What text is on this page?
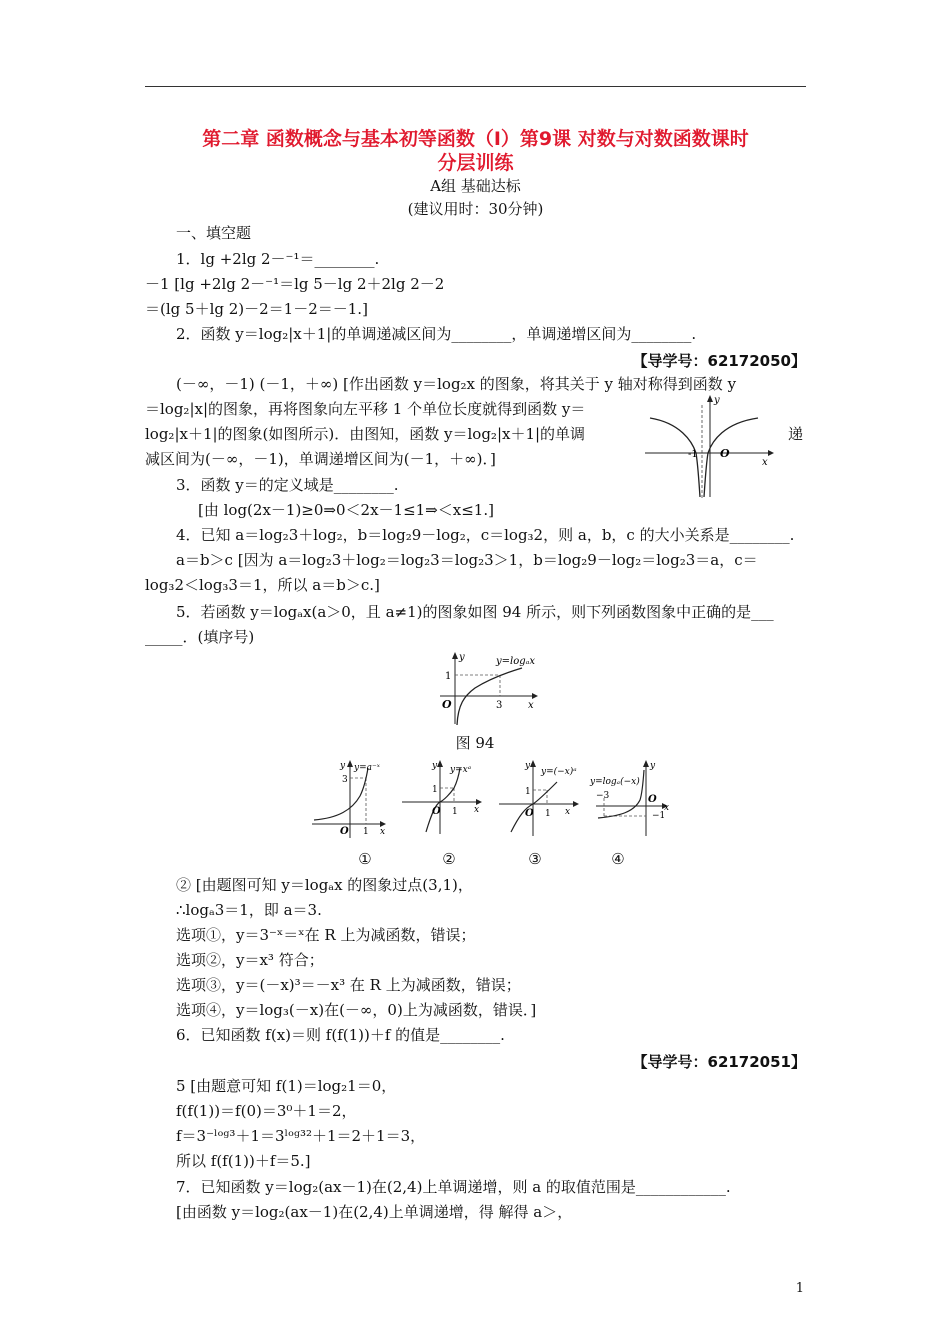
第二章 函数概念与基本初等函数（Ⅰ）第9课 对数与对数函数课时
分层训练
A组 基础达标
(建议用时：30分钟)
一、填空题
1．lg +2lg 2－⁻¹＝________.
－1 [lg +2lg 2－⁻¹＝lg 5－lg 2＋2lg 2－2
＝(lg 5＋lg 2)－2＝1－2＝－1.]
2．函数 y＝log₂|x＋1|的单调递减区间为________，单调递增区间为________.
【导学号：62172050】
(－∞，－1) (－1，＋∞) [作出函数 y＝log₂x 的图象，将其关于 y 轴对称得到函数 y
＝log₂|x|的图象，再将图象向左平移 1 个单位长度就得到函数 y＝
log₂|x＋1|的图象(如图所示)．由图知，函数 y＝log₂|x＋1|的单调	递
减区间为(－∞，－1)，单调递增区间为(－1，＋∞)．]
y
x
O
-1
3．函数 y＝的定义域是________.
[由 log(2x－1)≥0⇒0＜2x－1≤1⇒＜x≤1.]
4．已知 a＝log₂3＋log₂，b＝log₂9－log₂，c＝log₃2，则 a，b，c 的大小关系是________.
a＝b＞c [因为 a＝log₂3＋log₂＝log₂3＝log₂3＞1，b＝log₂9－log₂＝log₂3＝a，c＝
log₃2＜log₃3＝1，所以 a＝b＞c.]
5．若函数 y＝logₐx(a＞0，且 a≠1)的图象如图 94 所示，则下列函数图象中正确的是___
_____．(填序号)
y
x
O
1
3
y=logₐx
图 94
y y=a⁻ˣ
3
1
O	x
y y=xᵃ
1
1
O	x
y
y=(−x)ᵃ
1
1
O	x
y
y=logₐ(−x)
−3
−1
O
x
①	②	③	④
② [由题图可知 y＝logₐx 的图象过点(3,1)，
∴logₐ3＝1，即 a＝3.
选项①，y＝3⁻ˣ＝ˣ在 R 上为减函数，错误；
选项②，y＝x³ 符合；
选项③，y＝(－x)³＝－x³ 在 R 上为减函数，错误；
选项④，y＝log₃(－x)在(－∞，0)上为减函数，错误．]
6．已知函数 f(x)＝则 f(f(1))＋f 的值是________.
【导学号：62172051】
5 [由题意可知 f(1)＝log₂1＝0，
f(f(1))＝f(0)＝3⁰＋1＝2，
f＝3⁻ˡᵒᵍ³＋1＝3ˡᵒᵍ³²＋1＝2＋1＝3，
所以 f(f(1))＋f＝5.]
7．已知函数 y＝log₂(ax－1)在(2,4)上单调递增，则 a 的取值范围是____________.
[由函数 y＝log₂(ax－1)在(2,4)上单调递增，得 解得 a＞，
1
